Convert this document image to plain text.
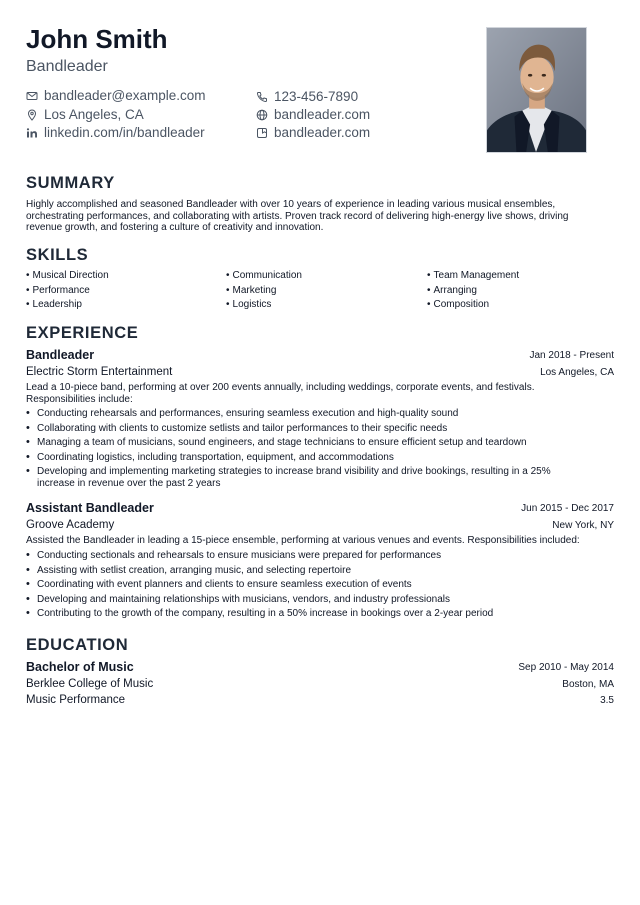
John Smith
Bandleader
bandleader@example.com	123-456-7890
Los Angeles, CA	bandleader.com
linkedin.com/in/bandleader	bandleader.com
SUMMARY
Highly accomplished and seasoned Bandleader with over 10 years of experience in leading various musical ensembles, orchestrating performances, and collaborating with artists. Proven track record of delivering high-energy live shows, driving revenue growth, and fostering a culture of creativity and innovation.
SKILLS
• Musical Direction	• Communication	• Team Management
• Performance	• Marketing	• Arranging
• Leadership	• Logistics	• Composition
EXPERIENCE
Bandleader	Jan 2018 - Present
Electric Storm Entertainment	Los Angeles, CA
Lead a 10-piece band, performing at over 200 events annually, including weddings, corporate events, and festivals. Responsibilities include:
• Conducting rehearsals and performances, ensuring seamless execution and high-quality sound
• Collaborating with clients to customize setlists and tailor performances to their specific needs
• Managing a team of musicians, sound engineers, and stage technicians to ensure efficient setup and teardown
• Coordinating logistics, including transportation, equipment, and accommodations
• Developing and implementing marketing strategies to increase brand visibility and drive bookings, resulting in a 25% increase in revenue over the past 2 years
Assistant Bandleader	Jun 2015 - Dec 2017
Groove Academy	New York, NY
Assisted the Bandleader in leading a 15-piece ensemble, performing at various venues and events. Responsibilities included:
• Conducting sectionals and rehearsals to ensure musicians were prepared for performances
• Assisting with setlist creation, arranging music, and selecting repertoire
• Coordinating with event planners and clients to ensure seamless execution of events
• Developing and maintaining relationships with musicians, vendors, and industry professionals
• Contributing to the growth of the company, resulting in a 50% increase in bookings over a 2-year period
EDUCATION
Bachelor of Music	Sep 2010 - May 2014
Berklee College of Music	Boston, MA
Music Performance	3.5
